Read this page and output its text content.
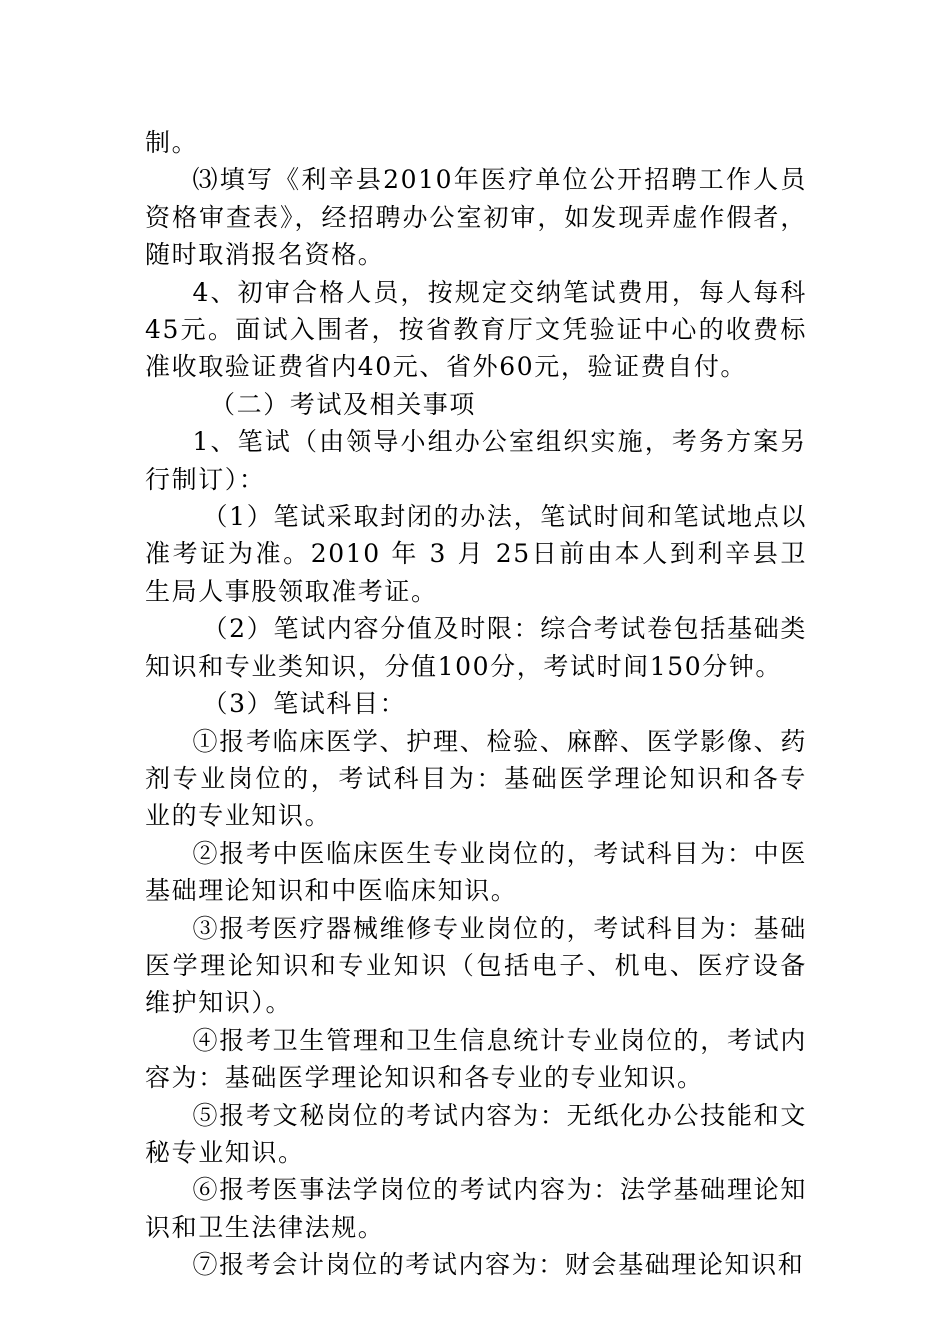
制。

⑶填写《利辛县2010年医疗单位公开招聘工作人员资格审查表》，经招聘办公室初审，如发现弄虚作假者，随时取消报名资格。

4、初审合格人员，按规定交纳笔试费用，每人每科45元。面试入围者，按省教育厅文凭验证中心的收费标准收取验证费省内40元、省外60元，验证费自付。

（二）考试及相关事项

1、笔试（由领导小组办公室组织实施，考务方案另行制订）：

（1）笔试采取封闭的办法，笔试时间和笔试地点以准考证为准。2010 年 3 月 25日前由本人到利辛县卫生局人事股领取准考证。

（2）笔试内容分值及时限：综合考试卷包括基础类知识和专业类知识，分值100分，考试时间150分钟。

（3）笔试科目：

①报考临床医学、护理、检验、麻醉、医学影像、药剂专业岗位的，考试科目为：基础医学理论知识和各专业的专业知识。

②报考中医临床医生专业岗位的，考试科目为：中医基础理论知识和中医临床知识。

③报考医疗器械维修专业岗位的，考试科目为：基础医学理论知识和专业知识（包括电子、机电、医疗设备维护知识）。

④报考卫生管理和卫生信息统计专业岗位的，考试内容为：基础医学理论知识和各专业的专业知识。

⑤报考文秘岗位的考试内容为：无纸化办公技能和文秘专业知识。

⑥报考医事法学岗位的考试内容为：法学基础理论知识和卫生法律法规。

⑦报考会计岗位的考试内容为：财会基础理论知识和
